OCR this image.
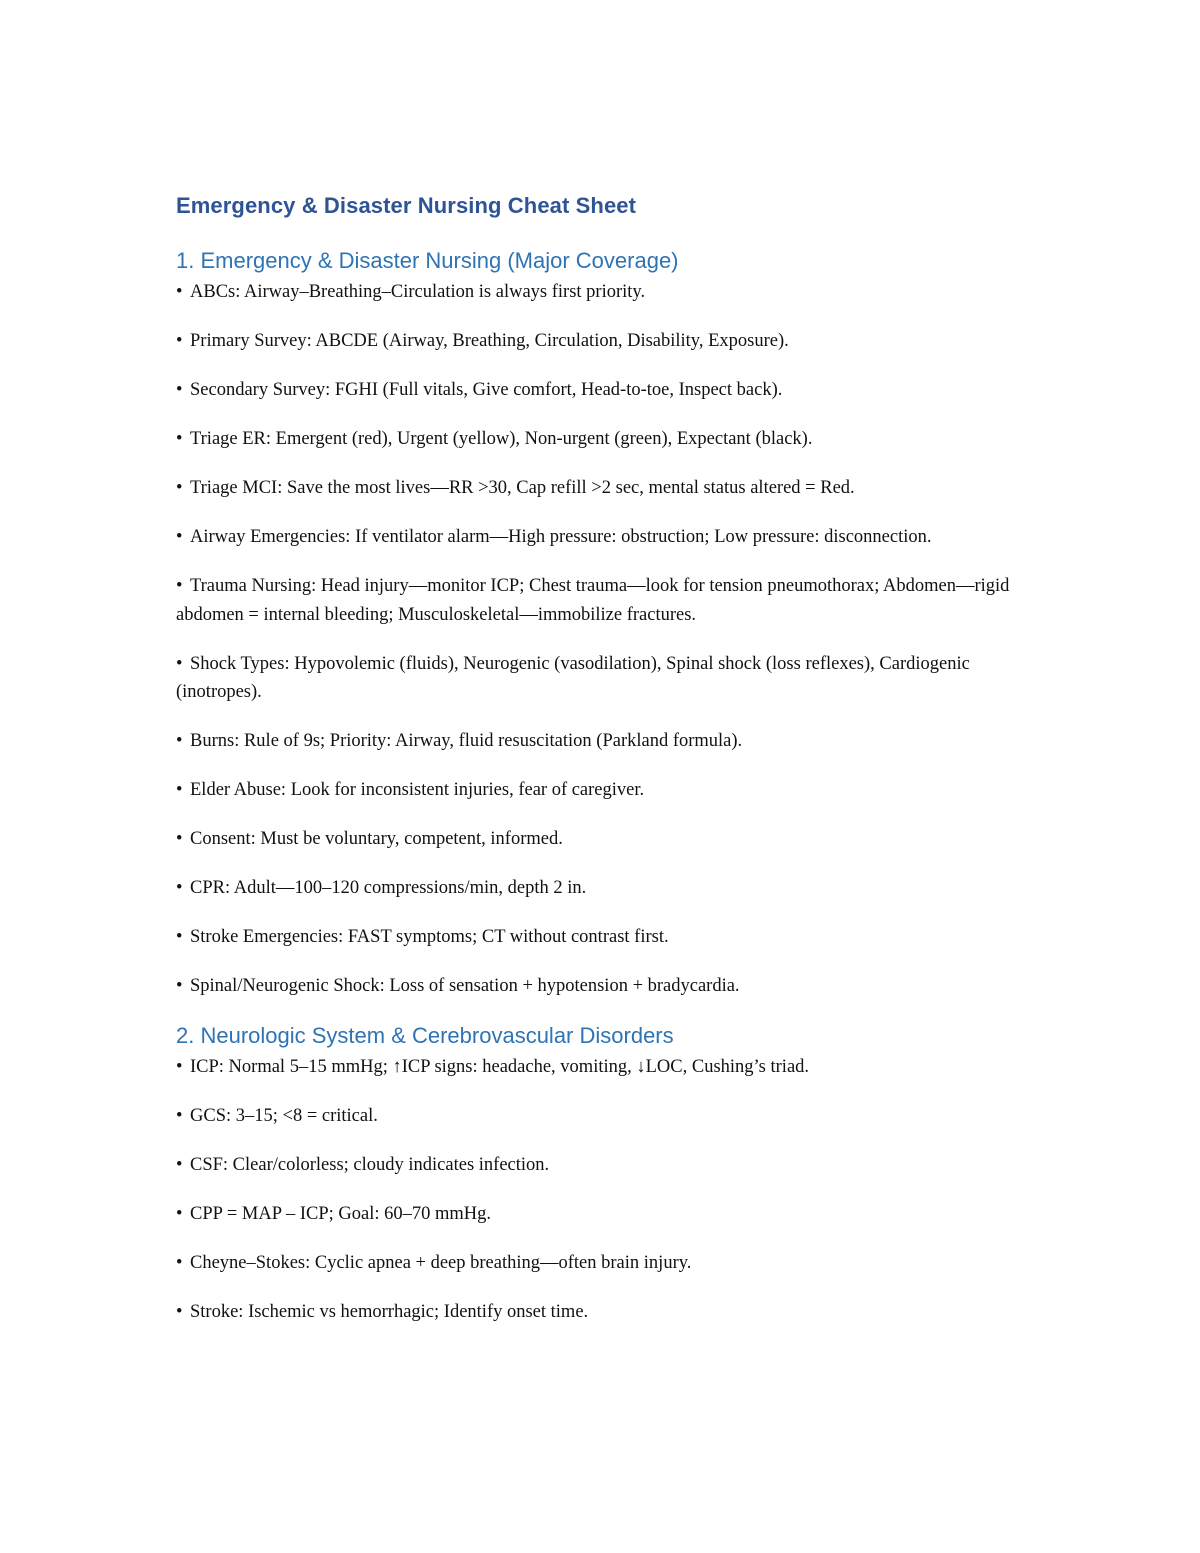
Emergency & Disaster Nursing Cheat Sheet
1. Emergency & Disaster Nursing (Major Coverage)
• ABCs: Airway–Breathing–Circulation is always first priority.
• Primary Survey: ABCDE (Airway, Breathing, Circulation, Disability, Exposure).
• Secondary Survey: FGHI (Full vitals, Give comfort, Head-to-toe, Inspect back).
• Triage ER: Emergent (red), Urgent (yellow), Non-urgent (green), Expectant (black).
• Triage MCI: Save the most lives—RR >30, Cap refill >2 sec, mental status altered = Red.
• Airway Emergencies: If ventilator alarm—High pressure: obstruction; Low pressure: disconnection.
• Trauma Nursing: Head injury—monitor ICP; Chest trauma—look for tension pneumothorax; Abdomen—rigid abdomen = internal bleeding; Musculoskeletal—immobilize fractures.
• Shock Types: Hypovolemic (fluids), Neurogenic (vasodilation), Spinal shock (loss reflexes), Cardiogenic (inotropes).
• Burns: Rule of 9s; Priority: Airway, fluid resuscitation (Parkland formula).
• Elder Abuse: Look for inconsistent injuries, fear of caregiver.
• Consent: Must be voluntary, competent, informed.
• CPR: Adult—100–120 compressions/min, depth 2 in.
• Stroke Emergencies: FAST symptoms; CT without contrast first.
• Spinal/Neurogenic Shock: Loss of sensation + hypotension + bradycardia.
2. Neurologic System & Cerebrovascular Disorders
• ICP: Normal 5–15 mmHg; ↑ICP signs: headache, vomiting, ↓LOC, Cushing’s triad.
• GCS: 3–15; <8 = critical.
• CSF: Clear/colorless; cloudy indicates infection.
• CPP = MAP – ICP; Goal: 60–70 mmHg.
• Cheyne–Stokes: Cyclic apnea + deep breathing—often brain injury.
• Stroke: Ischemic vs hemorrhagic; Identify onset time.
